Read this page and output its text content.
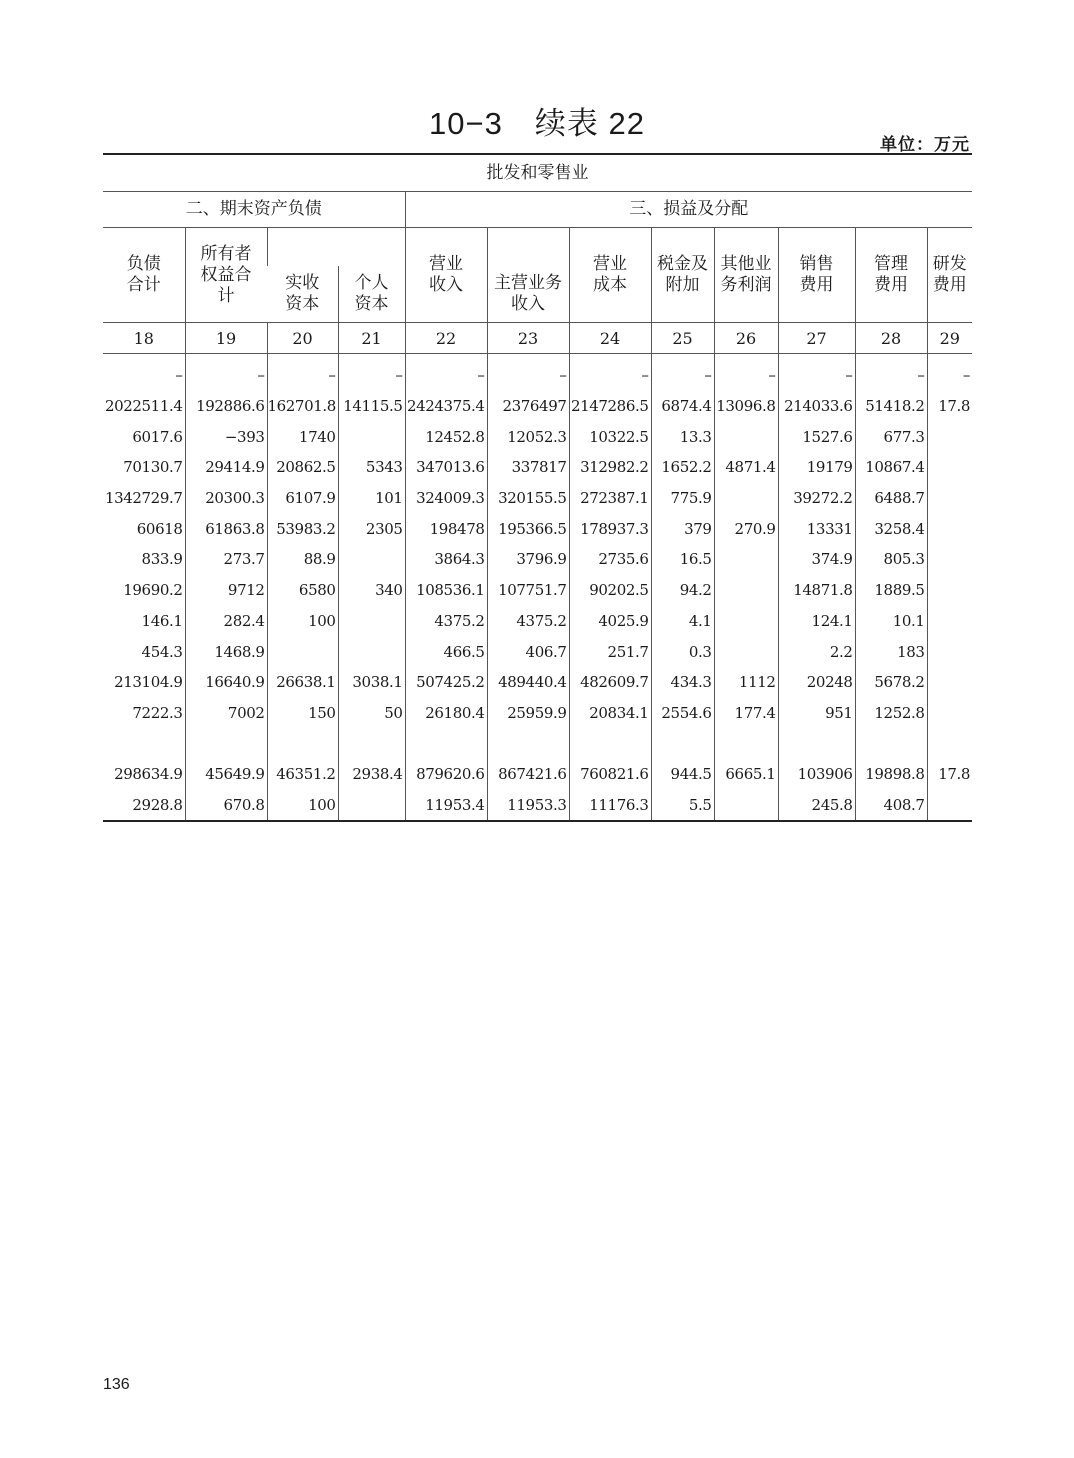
10−3　续表 22
单位：万元
批发和零售业											
二、期末资产负债				三、损益及分配							
负债合计	所有者权益合计			营业收入		营业成本	税金及附加	其他业务利润	销售费用	管理费用	研发费用
		实收资本	个人资本		主营业务收入						
18	19	20	21	22	23	24	25	26	27	28	29
–	–	–	–	–	–	–	–	–	–	–	–
2022511.4	192886.6	162701.8	14115.5	2424375.4	2376497	2147286.5	6874.4	13096.8	214033.6	51418.2	17.8
6017.6	−393	1740		12452.8	12052.3	10322.5	13.3		1527.6	677.3	
70130.7	29414.9	20862.5	5343	347013.6	337817	312982.2	1652.2	4871.4	19179	10867.4	
1342729.7	20300.3	6107.9	101	324009.3	320155.5	272387.1	775.9		39272.2	6488.7	
60618	61863.8	53983.2	2305	198478	195366.5	178937.3	379	270.9	13331	3258.4	
833.9	273.7	88.9		3864.3	3796.9	2735.6	16.5		374.9	805.3	
19690.2	9712	6580	340	108536.1	107751.7	90202.5	94.2		14871.8	1889.5	
146.1	282.4	100		4375.2	4375.2	4025.9	4.1		124.1	10.1	
454.3	1468.9			466.5	406.7	251.7	0.3		2.2	183	
213104.9	16640.9	26638.1	3038.1	507425.2	489440.4	482609.7	434.3	1112	20248	5678.2	
7222.3	7002	150	50	26180.4	25959.9	20834.1	2554.6	177.4	951	1252.8	

298634.9	45649.9	46351.2	2938.4	879620.6	867421.6	760821.6	944.5	6665.1	103906	19898.8	17.8
2928.8	670.8	100		11953.4	11953.3	11176.3	5.5		245.8	408.7	
136
